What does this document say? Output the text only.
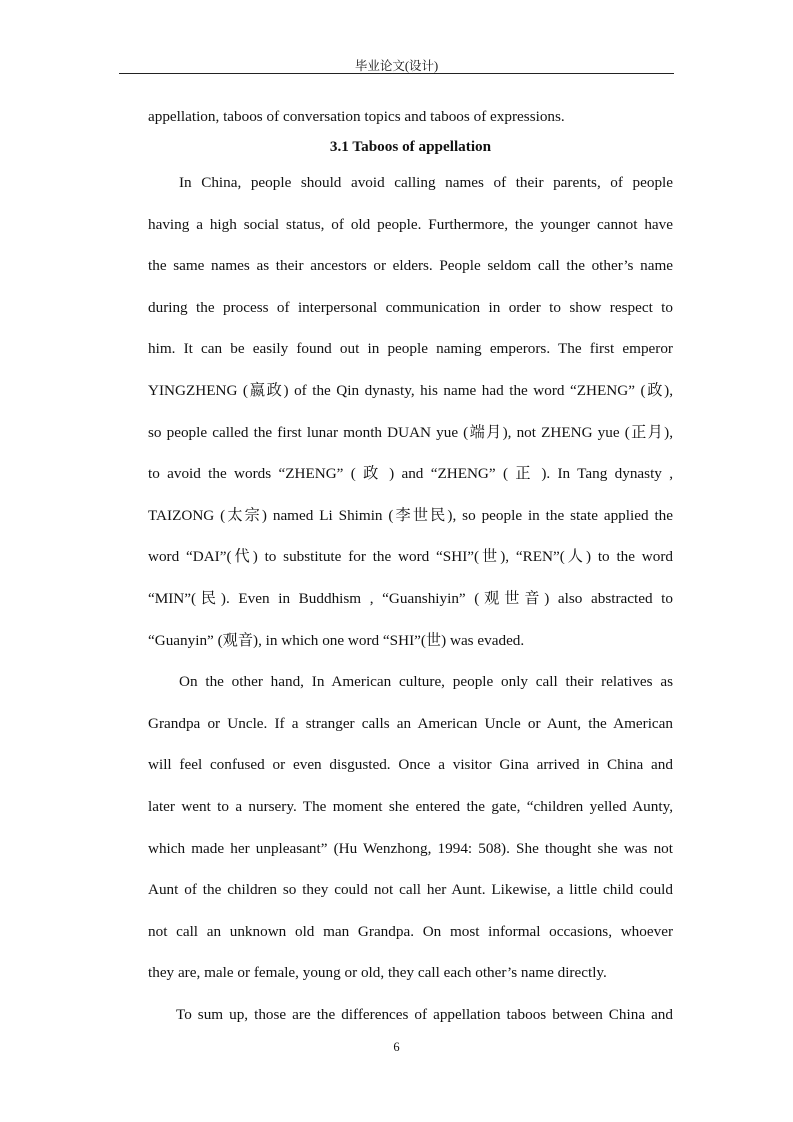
毕业论文(设计)
appellation, taboos of conversation topics and taboos of expressions.
3.1 Taboos of appellation
In China, people should avoid calling names of their parents, of people
having a high social status, of old people. Furthermore, the younger cannot have
the same names as their ancestors or elders. People seldom call the other’s name
during the process of interpersonal communication in order to show respect to
him. It can be easily found out in people naming emperors. The first emperor
YINGZHENG (嬴政) of the Qin dynasty, his name had the word “ZHENG” (政),
so people called the first lunar month DUAN yue (端月), not ZHENG yue (正月),
to avoid the words “ZHENG” ( 政 ) and “ZHENG” ( 正 ). In Tang dynasty ,
TAIZONG (太宗) named Li Shimin (李世民), so people in the state applied the
word “DAI”(代) to substitute for the word “SHI”(世), “REN”(人) to the word
“MIN”(民). Even in Buddhism , “Guanshiyin” (观世音) also abstracted to
“Guanyin” (观音), in which one word “SHI”(世) was evaded.
On the other hand, In American culture, people only call their relatives as
Grandpa or Uncle. If a stranger calls an American Uncle or Aunt, the American
will feel confused or even disgusted. Once a visitor Gina arrived in China and
later went to a nursery. The moment she entered the gate, “children yelled Aunty,
which made her unpleasant” (Hu Wenzhong, 1994: 508). She thought she was not
Aunt of the children so they could not call her Aunt. Likewise, a little child could
not call an unknown old man Grandpa. On most informal occasions, whoever
they are, male or female, young or old, they call each other’s name directly.
To sum up, those are the differences of appellation taboos between China and
6
